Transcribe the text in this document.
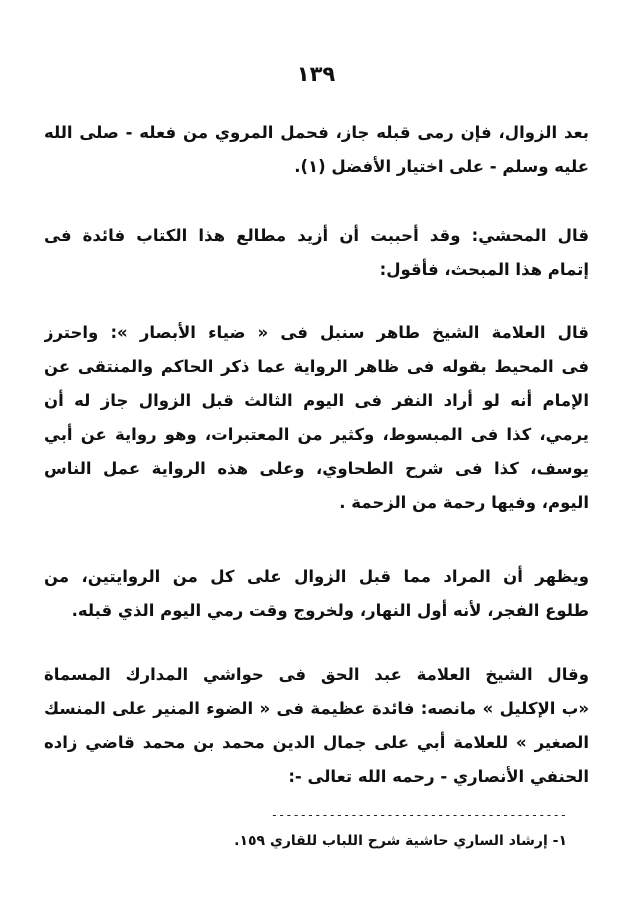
١٣٩
بعد الزوال، فإن رمى قبله جاز، فحمل المروي من فعله - صلى الله
عليه وسلم - على اختيار الأفضل (١).
قال المحشي: وقد أحببت أن أزيد مطالع هذا الكتاب فائدة فى
إتمام هذا المبحث، فأقول:
قال العلامة الشيخ طاهر سنبل فى « ضياء الأبصار »: واحترز
فى المحيط بقوله فى ظاهر الرواية عما ذكر الحاكم والمنتقى عن
الإمام أنه لو أراد النفر فى اليوم الثالث قبل الزوال جاز له أن
يرمي، كذا فى المبسوط، وكثير من المعتبرات، وهو رواية عن أبي
يوسف، كذا فى شرح الطحاوي، وعلى هذه الرواية عمل الناس
اليوم، وفيها رحمة من الزحمة .
ويظهر أن المراد مما قبل الزوال على كل من الروايتين، من
طلوع الفجر، لأنه أول النهار، ولخروج وقت رمي اليوم الذي قبله.
وقال الشيخ العلامة عبد الحق فى حواشي المدارك المسماة
«ب الإكليل » مانصه: فائدة عظيمة فى « الضوء المنير على المنسك
الصغير » للعلامة أبي على جمال الدين محمد بن محمد قاضي زاده
الحنفي الأنصاري - رحمه الله تعالى -:
-----------------------------------------
١- إرشاد الساري حاشية شرح اللباب للقاري ١٥٩.
